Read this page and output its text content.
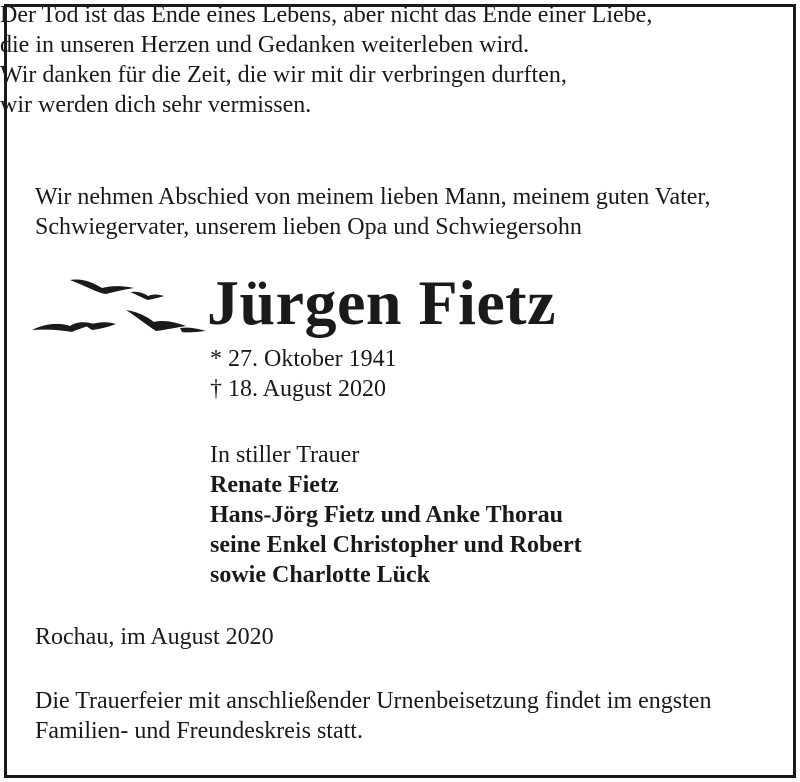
Der Tod ist das Ende eines Lebens, aber nicht das Ende einer Liebe,

die in unseren Herzen und Gedanken weiterleben wird.

Wir danken für die Zeit, die wir mit dir verbringen durften,

wir werden dich sehr vermissen.

Wir nehmen Abschied von meinem lieben Mann, meinem guten Vater,

Schwiegervater, unserem lieben Opa und Schwiegersohn

Jürgen Fietz

* 27. Oktober 1941

† 18. August 2020

In stiller Trauer

Renate Fietz

Hans-Jörg Fietz und Anke Thorau

seine Enkel Christopher und Robert

sowie Charlotte Lück

Rochau, im August 2020

Die Trauerfeier mit anschließender Urnenbeisetzung findet im engsten

Familien- und Freundeskreis statt.
